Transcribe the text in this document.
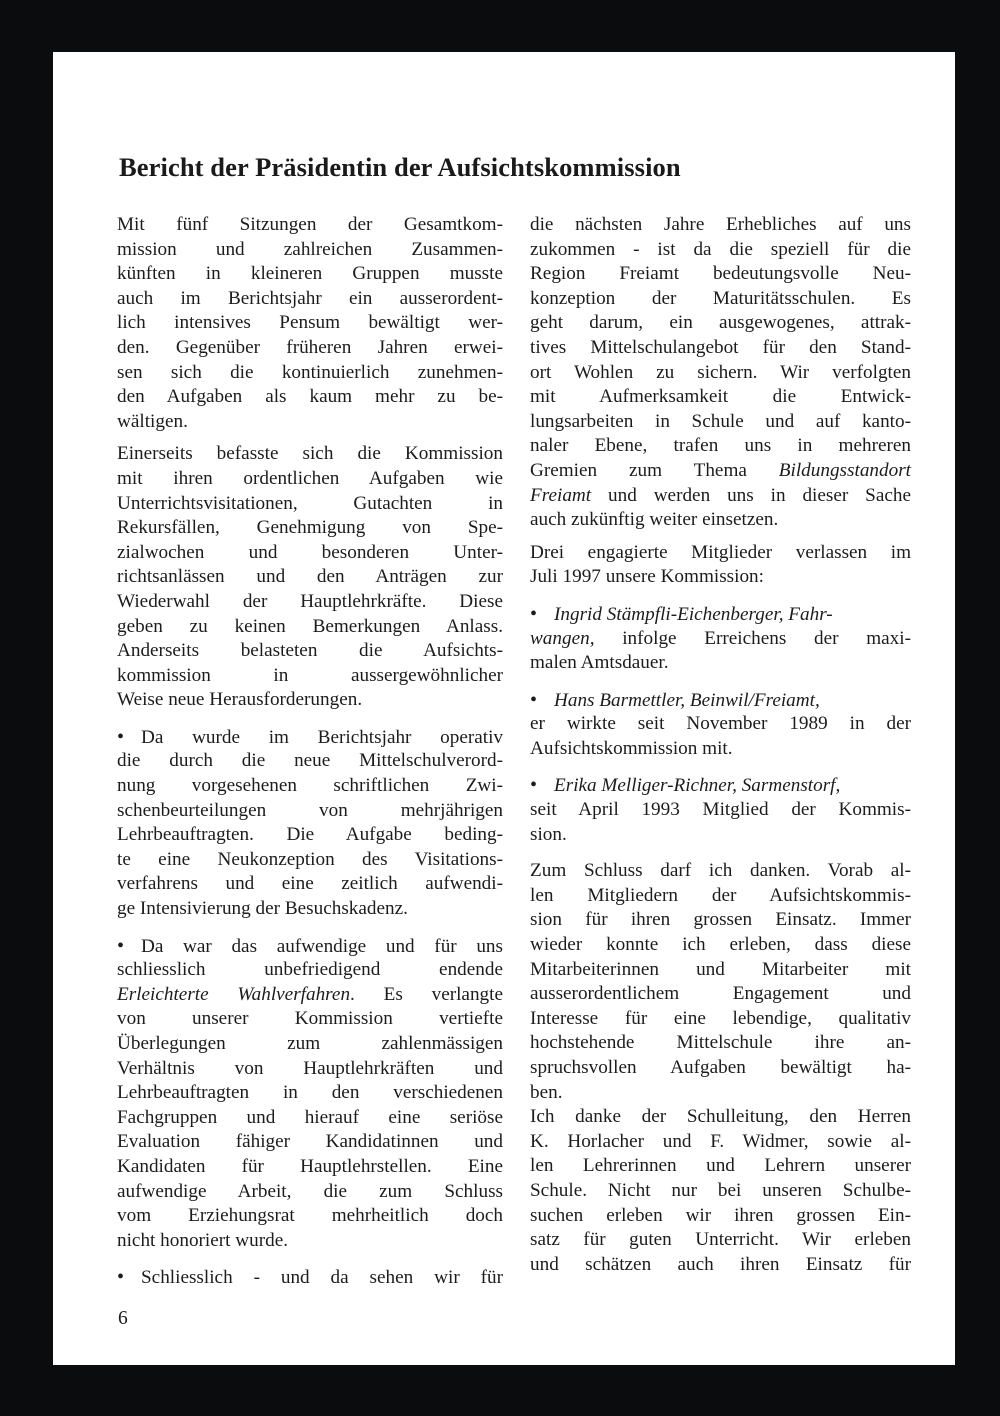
Bericht der Präsidentin der Aufsichtskommission
Mit fünf Sitzungen der Gesamtkom-
mission und zahlreichen Zusammen-
künften in kleineren Gruppen musste
auch im Berichtsjahr ein ausserordent-
lich intensives Pensum bewältigt wer-
den. Gegenüber früheren Jahren erwei-
sen sich die kontinuierlich zunehmen-
den Aufgaben als kaum mehr zu be-
wältigen.
Einerseits befasste sich die Kommission
mit ihren ordentlichen Aufgaben wie
Unterrichtsvisitationen, Gutachten in
Rekursfällen, Genehmigung von Spe-
zialwochen und besonderen Unter-
richtsanlässen und den Anträgen zur
Wiederwahl der Hauptlehrkräfte. Diese
geben zu keinen Bemerkungen Anlass.
Anderseits belasteten die Aufsichts-
kommission in aussergewöhnlicher
Weise neue Herausforderungen.
• Da wurde im Berichtsjahr operativ
die durch die neue Mittelschulverord-
nung vorgesehenen schriftlichen Zwi-
schenbeurteilungen von mehrjährigen
Lehrbeauftragten. Die Aufgabe beding-
te eine Neukonzeption des Visitations-
verfahrens und eine zeitlich aufwendi-
ge Intensivierung der Besuchskadenz.
• Da war das aufwendige und für uns
schliesslich unbefriedigend endende
Erleichterte Wahlverfahren. Es verlangte
von unserer Kommission vertiefte
Überlegungen zum zahlenmässigen
Verhältnis von Hauptlehrkräften und
Lehrbeauftragten in den verschiedenen
Fachgruppen und hierauf eine seriöse
Evaluation fähiger Kandidatinnen und
Kandidaten für Hauptlehrstellen. Eine
aufwendige Arbeit, die zum Schluss
vom Erziehungsrat mehrheitlich doch
nicht honoriert wurde.
• Schliesslich - und da sehen wir für
die nächsten Jahre Erhebliches auf uns
zukommen - ist da die speziell für die
Region Freiamt bedeutungsvolle Neu-
konzeption der Maturitätsschulen. Es
geht darum, ein ausgewogenes, attrak-
tives Mittelschulangebot für den Stand-
ort Wohlen zu sichern. Wir verfolgten
mit Aufmerksamkeit die Entwick-
lungsarbeiten in Schule und auf kanto-
naler Ebene, trafen uns in mehreren
Gremien zum Thema Bildungsstandort
Freiamt und werden uns in dieser Sache
auch zukünftig weiter einsetzen.
Drei engagierte Mitglieder verlassen im
Juli 1997 unsere Kommission:
• Ingrid Stämpfli-Eichenberger, Fahr-
wangen, infolge Erreichens der maxi-
malen Amtsdauer.
• Hans Barmettler, Beinwil/Freiamt,
er wirkte seit November 1989 in der
Aufsichtskommission mit.
• Erika Melliger-Richner, Sarmenstorf,
seit April 1993 Mitglied der Kommis-
sion.
Zum Schluss darf ich danken. Vorab al-
len Mitgliedern der Aufsichtskommis-
sion für ihren grossen Einsatz. Immer
wieder konnte ich erleben, dass diese
Mitarbeiterinnen und Mitarbeiter mit
ausserordentlichem Engagement und
Interesse für eine lebendige, qualitativ
hochstehende Mittelschule ihre an-
spruchsvollen Aufgaben bewältigt ha-
ben.
Ich danke der Schulleitung, den Herren
K. Horlacher und F. Widmer, sowie al-
len Lehrerinnen und Lehrern unserer
Schule. Nicht nur bei unseren Schulbe-
suchen erleben wir ihren grossen Ein-
satz für guten Unterricht. Wir erleben
und schätzen auch ihren Einsatz für
6
